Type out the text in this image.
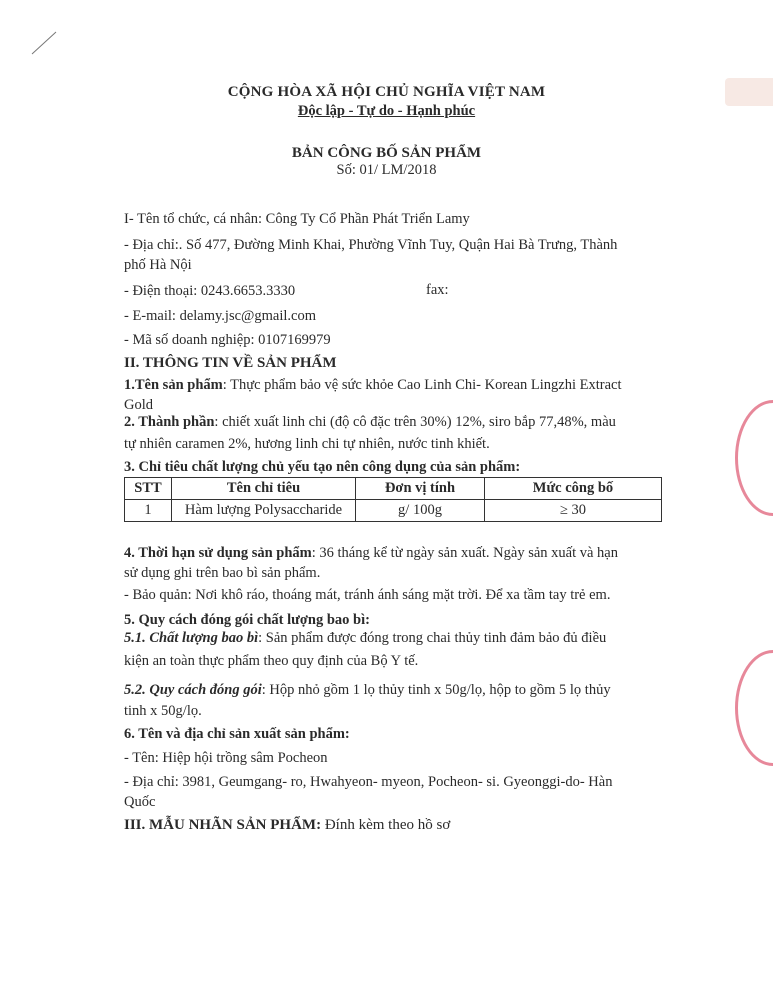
CỘNG HÒA XÃ HỘI CHỦ NGHĨA VIỆT NAM
Độc lập - Tự do - Hạnh phúc
BẢN CÔNG BỐ SẢN PHẨM
Số: 01/ LM/2018
I- Tên tổ chức, cá nhân: Công Ty Cổ Phần Phát Triển Lamy
- Địa chỉ:. Số 477, Đường Minh Khai, Phường Vĩnh Tuy, Quận Hai Bà Trưng, Thành
phố Hà Nội
- Điện thoại: 0243.6653.3330	fax:
- E-mail: delamy.jsc@gmail.com
- Mã số doanh nghiệp: 0107169979
II. THÔNG TIN VỀ SẢN PHẨM
1.Tên sản phẩm: Thực phẩm bảo vệ sức khỏe Cao Linh Chi- Korean Lingzhi Extract
Gold
2. Thành phần: chiết xuất linh chi (độ cô đặc trên 30%) 12%, siro bắp 77,48%, màu
tự nhiên caramen 2%, hương linh chi tự nhiên, nước tinh khiết.
3. Chỉ tiêu chất lượng chủ yếu tạo nên công dụng của sản phẩm:
STT	Tên chỉ tiêu	Đơn vị tính	Mức công bố
1	Hàm lượng Polysaccharide	g/ 100g	≥ 30
4. Thời hạn sử dụng sản phẩm: 36 tháng kể từ ngày sản xuất. Ngày sản xuất và hạn
sử dụng ghi trên bao bì sản phẩm.
- Bảo quản: Nơi khô ráo, thoáng mát, tránh ánh sáng mặt trời. Để xa tầm tay trẻ em.
5. Quy cách đóng gói chất lượng bao bì:
5.1. Chất lượng bao bì: Sản phẩm được đóng trong chai thủy tinh đảm bảo đủ điều
kiện an toàn thực phẩm theo quy định của Bộ Y tế.
5.2. Quy cách đóng gói: Hộp nhỏ gồm 1 lọ thủy tinh x 50g/lọ, hộp to gồm 5 lọ thủy
tinh x 50g/lọ.
6. Tên và địa chỉ sản xuất sản phẩm:
- Tên: Hiệp hội trồng sâm Pocheon
- Địa chỉ: 3981, Geumgang- ro, Hwahyeon- myeon, Pocheon- si. Gyeonggi-do- Hàn
Quốc
III. MẪU NHÃN SẢN PHẨM: Đính kèm theo hồ sơ
